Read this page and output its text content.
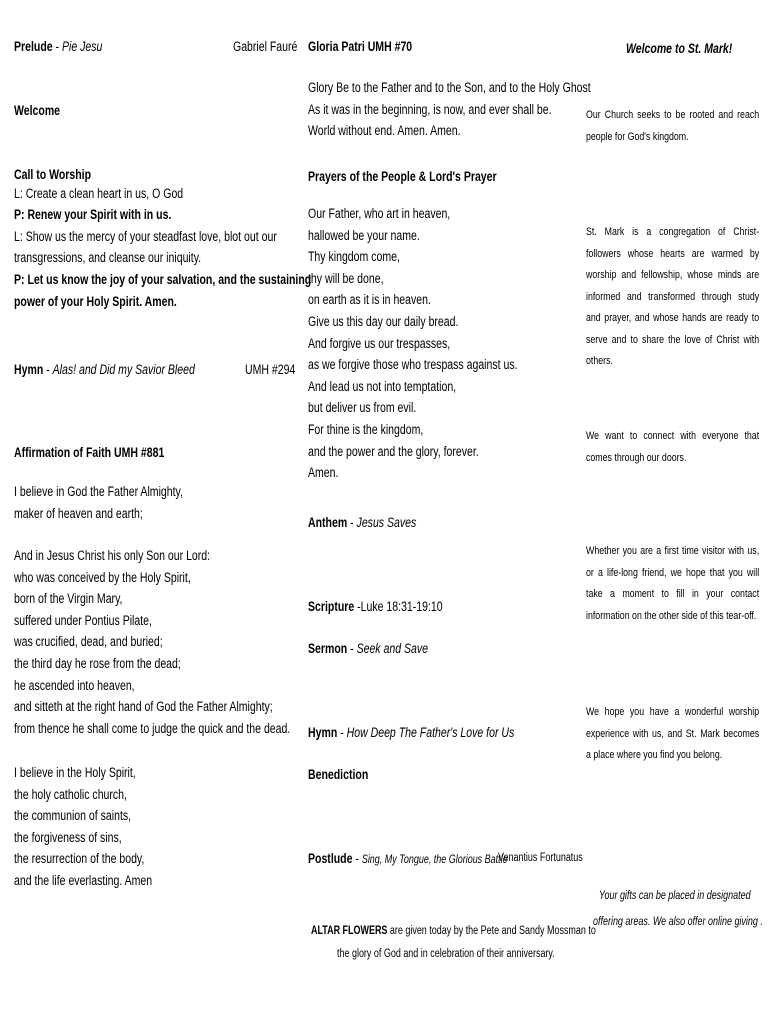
Prelude - Pie Jesu	Gabriel Fauré
Welcome
Call to Worship
L: Create a clean heart in us, O God
P: Renew your Spirit with in us.
L: Show us the mercy of your steadfast love, blot out our
transgressions, and cleanse our iniquity.
P: Let us know the joy of your salvation, and the sustaining
power of your Holy Spirit. Amen.
Hymn - Alas! and Did my Savior Bleed	UMH #294
Affirmation of Faith UMH #881
I believe in God the Father Almighty,
maker of heaven and earth;
And in Jesus Christ his only Son our Lord:
who was conceived by the Holy Spirit,
born of the Virgin Mary,
suffered under Pontius Pilate,
was crucified, dead, and buried;
the third day he rose from the dead;
he ascended into heaven,
and sitteth at the right hand of God the Father Almighty;
from thence he shall come to judge the quick and the dead.
I believe in the Holy Spirit,
the holy catholic church,
the communion of saints,
the forgiveness of sins,
the resurrection of the body,
and the life everlasting. Amen
Gloria Patri UMH #70
Glory Be to the Father and to the Son, and to the Holy Ghost
As it was in the beginning, is now, and ever shall be.
World without end. Amen. Amen.
Prayers of the People & Lord's Prayer
Our Father, who art in heaven,
hallowed be your name.
Thy kingdom come,
thy will be done,
on earth as it is in heaven.
Give us this day our daily bread.
And forgive us our trespasses,
as we forgive those who trespass against us.
And lead us not into temptation,
but deliver us from evil.
For thine is the kingdom,
and the power and the glory, forever.
Amen.
Anthem - Jesus Saves
Scripture -Luke 18:31-19:10
Sermon - Seek and Save
Hymn - How Deep The Father's Love for Us
Benediction
Postlude - Sing, My Tongue, the Glorious Battle
Venantius Fortunatus
ALTAR FLOWERS are given today by the Pete and Sandy Mossman to
the glory of God and in celebration of their anniversary.
Welcome to St. Mark!

Our Church seeks to be rooted and reach people for God's kingdom.

St. Mark is a congregation of Christ-followers whose hearts are warmed by worship and fellowship, whose minds are informed and transformed through study and prayer, and whose hands are ready to serve and to share the love of Christ with others.

We want to connect with everyone that comes through our doors.

Whether you are a first time visitor with us, or a life-long friend, we hope that you will take a moment to fill in your contact information on the other side of this tear-off.

We hope you have a wonderful worship experience with us, and St. Mark becomes a place where you find you belong.

Your gifts can be placed in designated
offering areas. We also offer online giving .
